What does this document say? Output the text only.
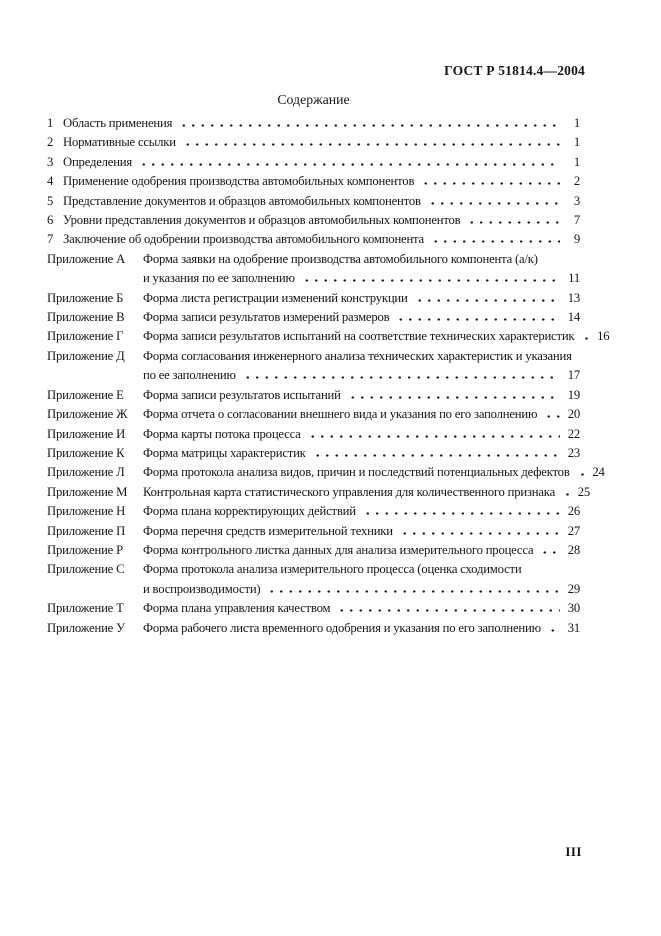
ГОСТ Р 51814.4—2004
Содержание
1 Область применения	1
2 Нормативные ссылки	1
3 Определения	1
4 Применение одобрения производства автомобильных компонентов	2
5 Представление документов и образцов автомобильных компонентов	3
6 Уровни представления документов и образцов автомобильных компонентов	7
7 Заключение об одобрении производства автомобильного компонента	9
Приложение А	Форма заявки на одобрение производства автомобильного компонента (а/к)
и указания по ее заполнению	11
Приложение Б	Форма листа регистрации изменений конструкции	13
Приложение В	Форма записи результатов измерений размеров	14
Приложение Г	Форма записи результатов испытаний на соответствие технических характеристик	16
Приложение Д	Форма согласования инженерного анализа технических характеристик и указания
по ее заполнению	17
Приложение Е	Форма записи результатов испытаний	19
Приложение Ж	Форма отчета о согласовании внешнего вида и указания по его заполнению	20
Приложение И	Форма карты потока процесса	22
Приложение К	Форма матрицы характеристик	23
Приложение Л	Форма протокола анализа видов, причин и последствий потенциальных дефектов	24
Приложение М	Контрольная карта статистического управления для количественного признака	25
Приложение Н	Форма плана корректирующих действий	26
Приложение П	Форма перечня средств измерительной техники	27
Приложение Р	Форма контрольного листка данных для анализа измерительного процесса	28
Приложение С	Форма протокола анализа измерительного процесса (оценка сходимости
и воспроизводимости)	29
Приложение Т	Форма плана управления качеством	30
Приложение У	Форма рабочего листа временного одобрения и указания по его заполнению	31
III
